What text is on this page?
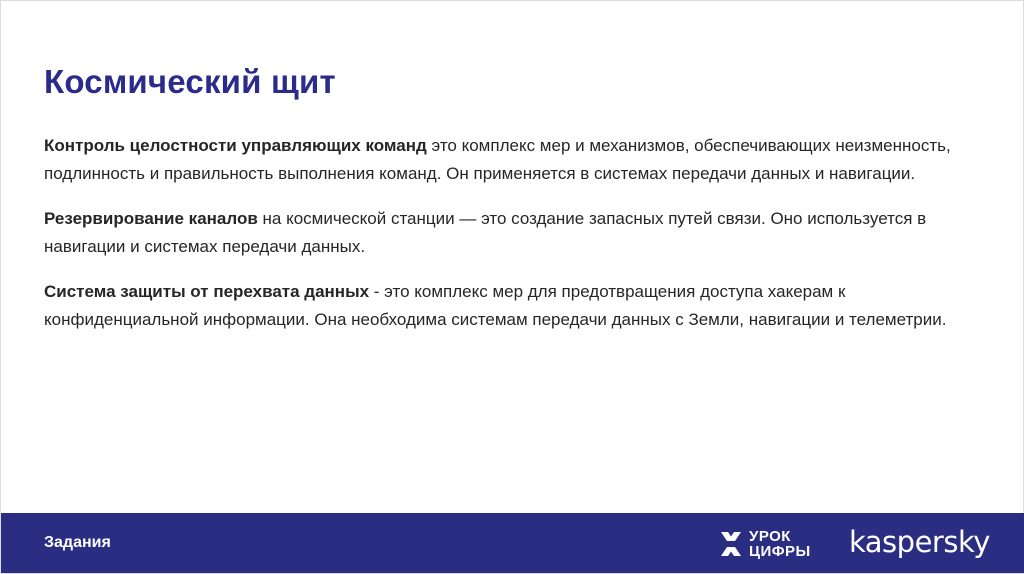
Космический щит

Контроль целостности управляющих команд это комплекс мер и механизмов, обеспечивающих неизменность, подлинность и правильность выполнения команд. Он применяется в системах передачи данных и навигации.

Резервирование каналов на космической станции — это создание запасных путей связи. Оно используется в навигации и системах передачи данных.

Система защиты от перехвата данных - это комплекс мер для предотвращения доступа хакерам к конфиденциальной информации. Она необходима системам передачи данных с Земли, навигации и телеметрии.

Задания	УРОК
ЦИФРЫ kaspersky
